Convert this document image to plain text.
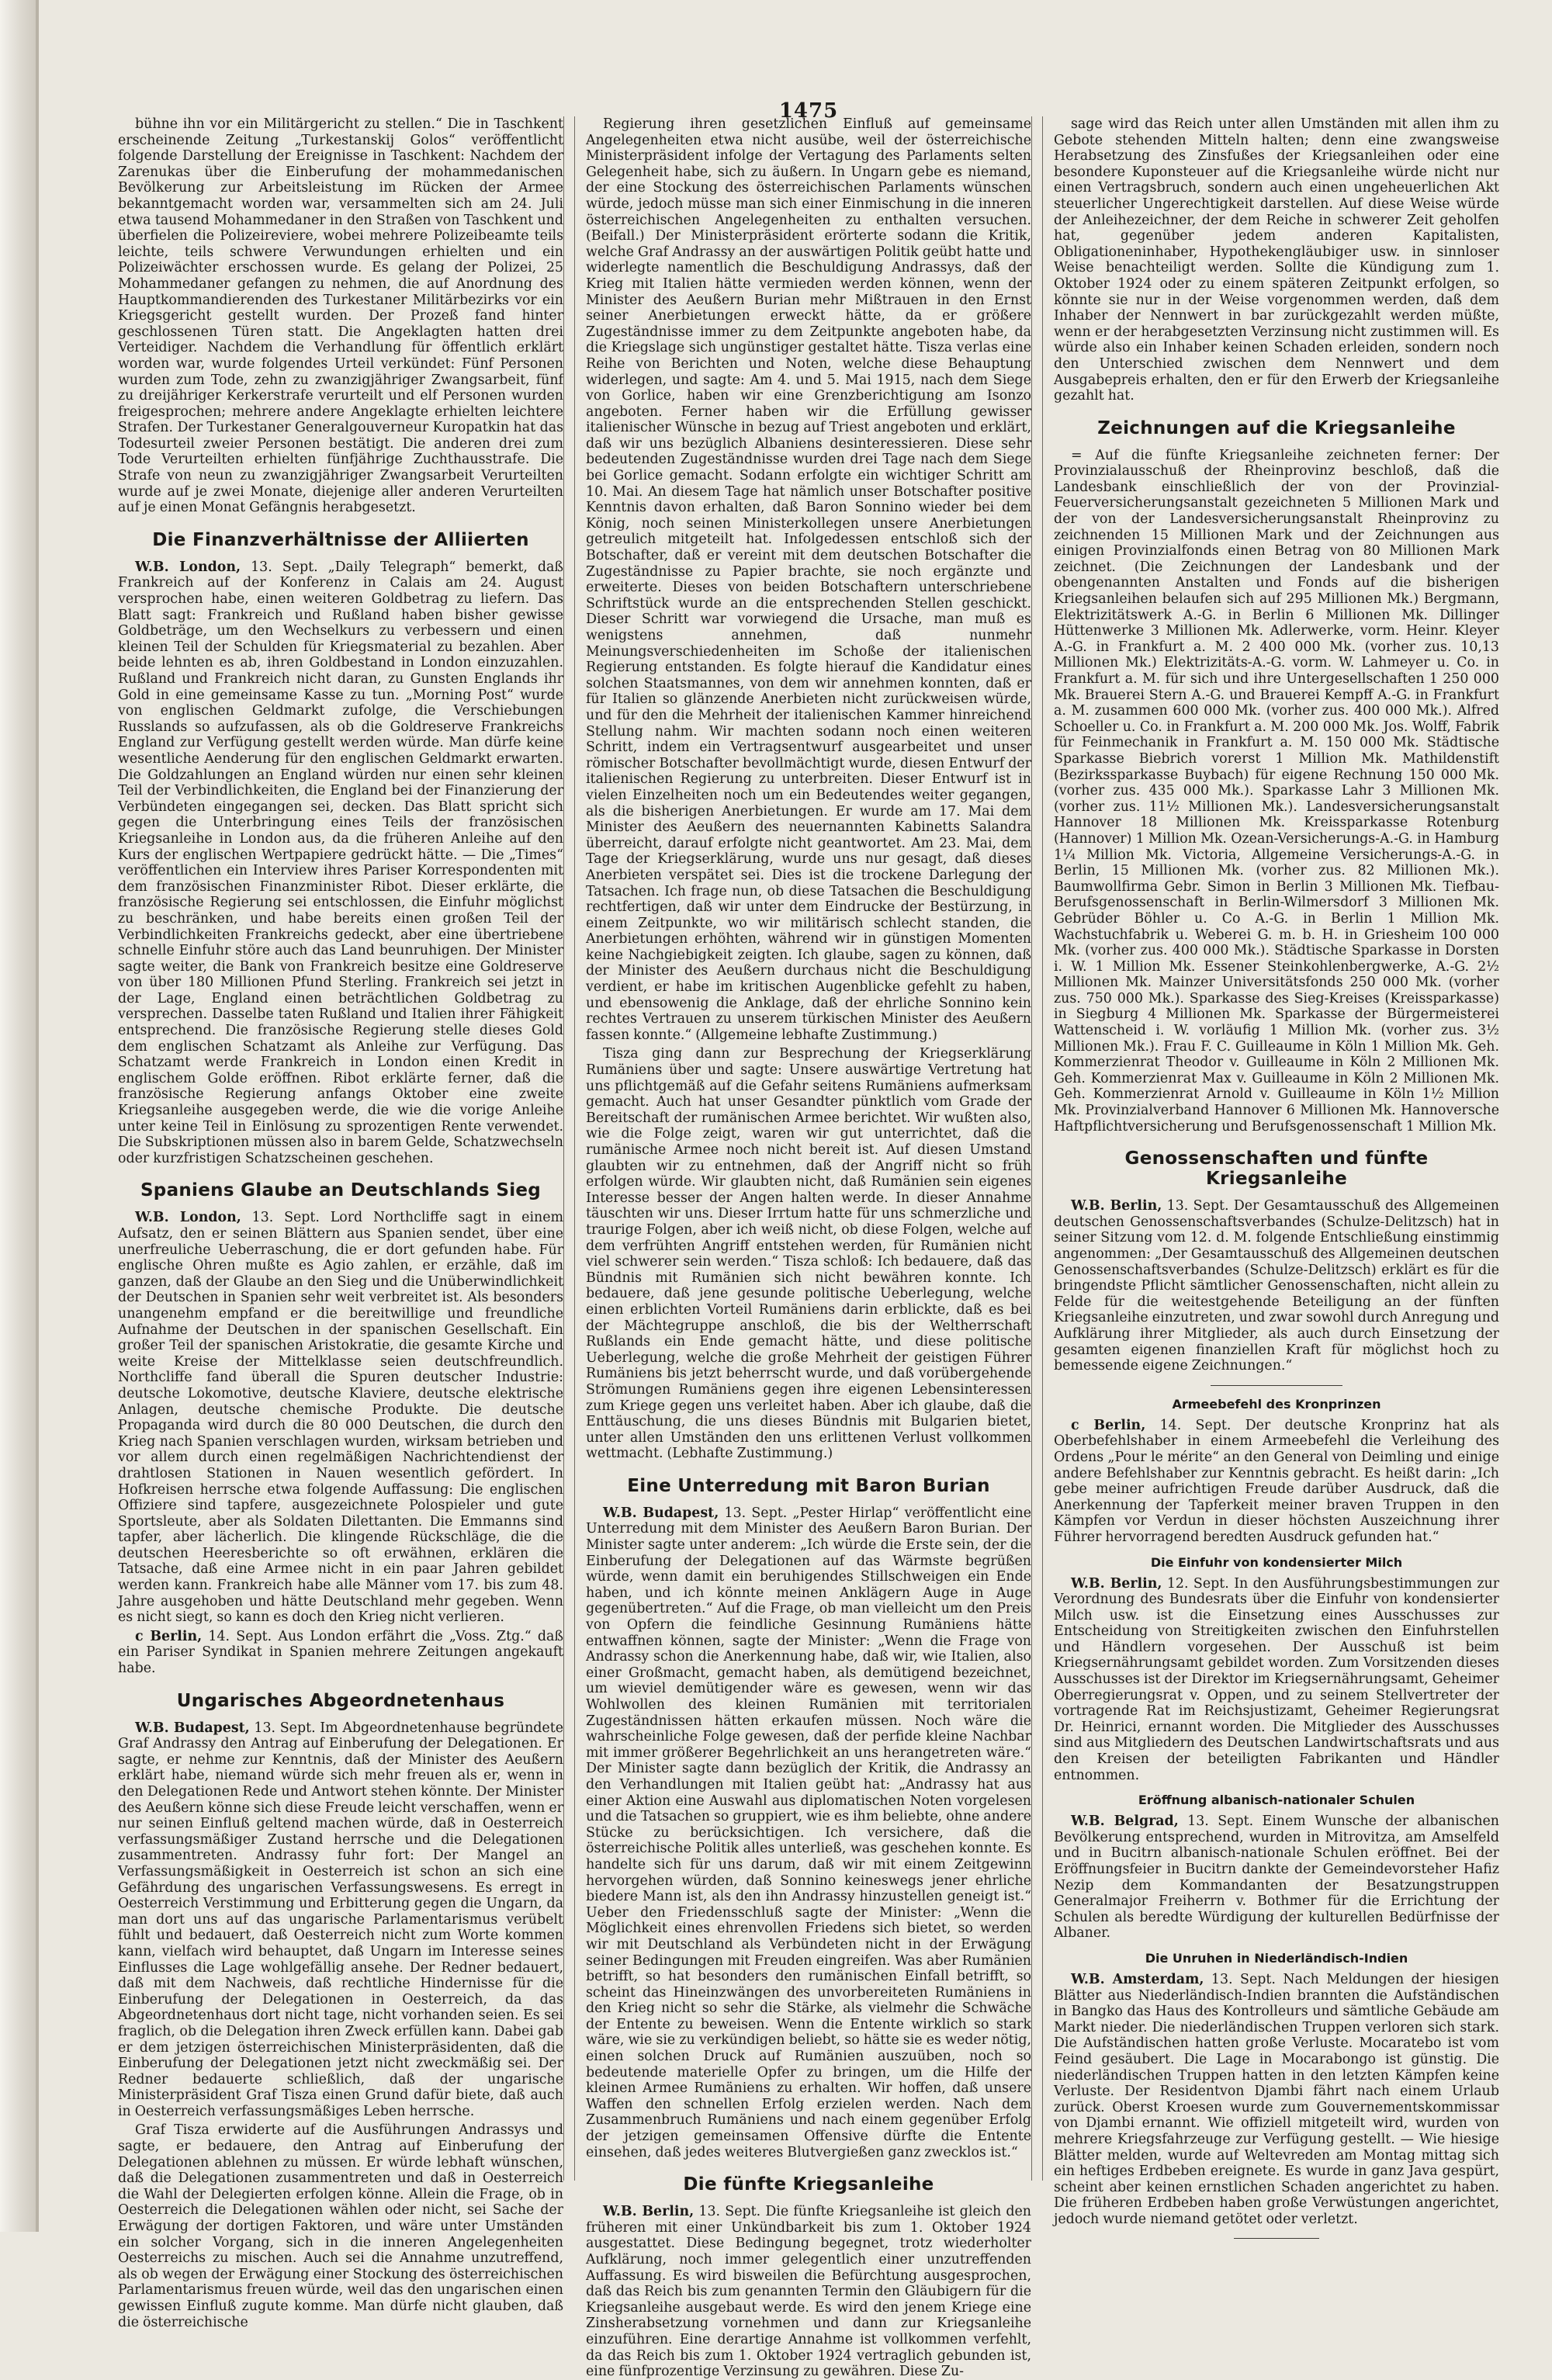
1475

bühne ihn vor ein Militärgericht zu stellen.“ Die in Taschkent erscheinende Zeitung „Turkestanskij Golos“ veröffentlicht folgende Darstellung der Ereignisse in Taschkent: Nachdem der Zarenukas über die Einberufung der mohammedanischen Bevölkerung zur Arbeitsleistung im Rücken der Armee bekanntgemacht worden war, versammelten sich am 24. Juli etwa tausend Mohammedaner in den Straßen von Taschkent und überfielen die Polizeireviere, wobei mehrere Polizeibeamte teils leichte, teils schwere Verwundungen erhielten und ein Polizeiwächter erschossen wurde. Es gelang der Polizei, 25 Mohammedaner gefangen zu nehmen, die auf Anordnung des Hauptkommandierenden des Turkestaner Militärbezirks vor ein Kriegsgericht gestellt wurden. Der Prozeß fand hinter geschlossenen Türen statt. Die Angeklagten hatten drei Verteidiger. Nachdem die Verhandlung für öffentlich erklärt worden war, wurde folgendes Urteil verkündet: Fünf Personen wurden zum Tode, zehn zu zwanzigjähriger Zwangsarbeit, fünf zu dreijähriger Kerkerstrafe verurteilt und elf Personen wurden freigesprochen; mehrere andere Angeklagte erhielten leichtere Strafen. Der Turkestaner Generalgouverneur Kuropatkin hat das Todesurteil zweier Personen bestätigt. Die anderen drei zum Tode Verurteilten erhielten fünfjährige Zuchthausstrafe. Die Strafe von neun zu zwanzigjähriger Zwangsarbeit Verurteilten wurde auf je zwei Monate, diejenige aller anderen Verurteilten auf je einen Monat Gefängnis herabgesetzt.

Die Finanzverhältnisse der Alliierten

W.B. London, 13. Sept. „Daily Telegraph“ bemerkt, daß Frankreich auf der Konferenz in Calais am 24. August versprochen habe, einen weiteren Goldbetrag zu liefern. Das Blatt sagt: Frankreich und Rußland haben bisher gewisse Goldbeträge, um den Wechselkurs zu verbessern und einen kleinen Teil der Schulden für Kriegsmaterial zu bezahlen. Aber beide lehnten es ab, ihren Goldbestand in London einzuzahlen. Rußland und Frankreich nicht daran, zu Gunsten Englands ihr Gold in eine gemeinsame Kasse zu tun. „Morning Post“ wurde von englischen Geldmarkt zufolge, die Verschiebungen Russlands so aufzufassen, als ob die Goldreserve Frankreichs England zur Verfügung gestellt werden würde. Man dürfe keine wesentliche Aenderung für den englischen Geldmarkt erwarten. Die Goldzahlungen an England würden nur einen sehr kleinen Teil der Verbindlichkeiten, die England bei der Finanzierung der Verbündeten eingegangen sei, decken. Das Blatt spricht sich gegen die Unterbringung eines Teils der französischen Kriegsanleihe in London aus, da die früheren Anleihe auf den Kurs der englischen Wertpapiere gedrückt hätte. — Die „Times“ veröffentlichen ein Interview ihres Pariser Korrespondenten mit dem französischen Finanzminister Ribot. Dieser erklärte, die französische Regierung sei entschlossen, die Einfuhr möglichst zu beschränken, und habe bereits einen großen Teil der Verbindlichkeiten Frankreichs gedeckt, aber eine übertriebene schnelle Einfuhr störe auch das Land beunruhigen. Der Minister sagte weiter, die Bank von Frankreich besitze eine Goldreserve von über 180 Millionen Pfund Sterling. Frankreich sei jetzt in der Lage, England einen beträchtlichen Goldbetrag zu versprechen. Dasselbe taten Rußland und Italien ihrer Fähigkeit entsprechend. Die französische Regierung stelle dieses Gold dem englischen Schatzamt als Anleihe zur Verfügung. Das Schatzamt werde Frankreich in London einen Kredit in englischem Golde eröffnen. Ribot erklärte ferner, daß die französische Regierung anfangs Oktober eine zweite Kriegsanleihe ausgegeben werde, die wie die vorige Anleihe unter keine Teil in Einlösung zu sprozentigen Rente verwendet. Die Subskriptionen müssen also in barem Gelde, Schatzwechseln oder kurzfristigen Schatzscheinen geschehen.

Spaniens Glaube an Deutschlands Sieg

W.B. London, 13. Sept. Lord Northcliffe sagt in einem Aufsatz, den er seinen Blättern aus Spanien sendet, über eine unerfreuliche Ueberraschung, die er dort gefunden habe. Für englische Ohren mußte es Agio zahlen, er erzähle, daß im ganzen, daß der Glaube an den Sieg und die Unüberwindlichkeit der Deutschen in Spanien sehr weit verbreitet ist. Als besonders unangenehm empfand er die bereitwillige und freundliche Aufnahme der Deutschen in der spanischen Gesellschaft. Ein großer Teil der spanischen Aristokratie, die gesamte Kirche und weite Kreise der Mittelklasse seien deutschfreundlich. Northcliffe fand überall die Spuren deutscher Industrie: deutsche Lokomotive, deutsche Klaviere, deutsche elektrische Anlagen, deutsche chemische Produkte. Die deutsche Propaganda wird durch die 80 000 Deutschen, die durch den Krieg nach Spanien verschlagen wurden, wirksam betrieben und vor allem durch einen regelmäßigen Nachrichtendienst der drahtlosen Stationen in Nauen wesentlich gefördert. In Hofkreisen herrsche etwa folgende Auffassung: Die englischen Offiziere sind tapfere, ausgezeichnete Polospieler und gute Sportsleute, aber als Soldaten Dilettanten. Die Emmanns sind tapfer, aber lächerlich. Die klingende Rückschläge, die die deutschen Heeresberichte so oft erwähnen, erklären die Tatsache, daß eine Armee nicht in ein paar Jahren gebildet werden kann. Frankreich habe alle Männer vom 17. bis zum 48. Jahre ausgehoben und hätte Deutschland mehr gegeben. Wenn es nicht siegt, so kann es doch den Krieg nicht verlieren.

c Berlin, 14. Sept. Aus London erfährt die „Voss. Ztg.“ daß ein Pariser Syndikat in Spanien mehrere Zeitungen angekauft habe.

Ungarisches Abgeordnetenhaus

W.B. Budapest, 13. Sept. Im Abgeordnetenhause begründete Graf Andrassy den Antrag auf Einberufung der Delegationen. Er sagte, er nehme zur Kenntnis, daß der Minister des Aeußern erklärt habe, niemand würde sich mehr freuen als er, wenn in den Delegationen Rede und Antwort stehen könnte. Der Minister des Aeußern könne sich diese Freude leicht verschaffen, wenn er nur seinen Einfluß geltend machen würde, daß in Oesterreich verfassungsmäßiger Zustand herrsche und die Delegationen zusammentreten. Andrassy fuhr fort: Der Mangel an Verfassungsmäßigkeit in Oesterreich ist schon an sich eine Gefährdung des ungarischen Verfassungswesens. Es erregt in Oesterreich Verstimmung und Erbitterung gegen die Ungarn, da man dort uns auf das ungarische Parlamentarismus verübelt fühlt und bedauert, daß Oesterreich nicht zum Worte kommen kann, vielfach wird behauptet, daß Ungarn im Interesse seines Einflusses die Lage wohlgefällig ansehe. Der Redner bedauert, daß mit dem Nachweis, daß rechtliche Hindernisse für die Einberufung der Delegationen in Oesterreich, da das Abgeordnetenhaus dort nicht tage, nicht vorhanden seien. Es sei fraglich, ob die Delegation ihren Zweck erfüllen kann. Dabei gab er dem jetzigen österreichischen Ministerpräsidenten, daß die Einberufung der Delegationen jetzt nicht zweckmäßig sei. Der Redner bedauerte schließlich, daß der ungarische Ministerpräsident Graf Tisza einen Grund dafür biete, daß auch in Oesterreich verfassungsmäßiges Leben herrsche.

Graf Tisza erwiderte auf die Ausführungen Andrassys und sagte, er bedauere, den Antrag auf Einberufung der Delegationen ablehnen zu müssen. Er würde lebhaft wünschen, daß die Delegationen zusammentreten und daß in Oesterreich die Wahl der Delegierten erfolgen könne. Allein die Frage, ob in Oesterreich die Delegationen wählen oder nicht, sei Sache der Erwägung der dortigen Faktoren, und wäre unter Umständen ein solcher Vorgang, sich in die inneren Angelegenheiten Oesterreichs zu mischen. Auch sei die Annahme unzutreffend, als ob wegen der Erwägung einer Stockung des österreichischen Parlamentarismus freuen würde, weil das den ungarischen einen gewissen Einfluß zugute komme. Man dürfe nicht glauben, daß die österreichische

Regierung ihren gesetzlichen Einfluß auf gemeinsame Angelegenheiten etwa nicht ausübe, weil der österreichische Ministerpräsident infolge der Vertagung des Parlaments selten Gelegenheit habe, sich zu äußern. In Ungarn gebe es niemand, der eine Stockung des österreichischen Parlaments wünschen würde, jedoch müsse man sich einer Einmischung in die inneren österreichischen Angelegenheiten zu enthalten versuchen. (Beifall.) Der Ministerpräsident erörterte sodann die Kritik, welche Graf Andrassy an der auswärtigen Politik geübt hatte und widerlegte namentlich die Beschuldigung Andrassys, daß der Krieg mit Italien hätte vermieden werden können, wenn der Minister des Aeußern Burian mehr Mißtrauen in den Ernst seiner Anerbietungen erweckt hätte, da er größere Zugeständnisse immer zu dem Zeitpunkte angeboten habe, da die Kriegslage sich ungünstiger gestaltet hätte. Tisza verlas eine Reihe von Berichten und Noten, welche diese Behauptung widerlegen, und sagte: Am 4. und 5. Mai 1915, nach dem Siege von Gorlice, haben wir eine Grenzberichtigung am Isonzo angeboten. Ferner haben wir die Erfüllung gewisser italienischer Wünsche in bezug auf Triest angeboten und erklärt, daß wir uns bezüglich Albaniens desinteressieren. Diese sehr bedeutenden Zugeständnisse wurden drei Tage nach dem Siege bei Gorlice gemacht. Sodann erfolgte ein wichtiger Schritt am 10. Mai. An diesem Tage hat nämlich unser Botschafter positive Kenntnis davon erhalten, daß Baron Sonnino wieder bei dem König, noch seinen Ministerkollegen unsere Anerbietungen getreulich mitgeteilt hat. Infolgedessen entschloß sich der Botschafter, daß er vereint mit dem deutschen Botschafter die Zugeständnisse zu Papier brachte, sie noch ergänzte und erweiterte. Dieses von beiden Botschaftern unterschriebene Schriftstück wurde an die entsprechenden Stellen geschickt. Dieser Schritt war vorwiegend die Ursache, man muß es wenigstens annehmen, daß nunmehr Meinungsverschiedenheiten im Schoße der italienischen Regierung entstanden. Es folgte hierauf die Kandidatur eines solchen Staatsmannes, von dem wir annehmen konnten, daß er für Italien so glänzende Anerbieten nicht zurückweisen würde, und für den die Mehrheit der italienischen Kammer hinreichend Stellung nahm. Wir machten sodann noch einen weiteren Schritt, indem ein Vertragsentwurf ausgearbeitet und unser römischer Botschafter bevollmächtigt wurde, diesen Entwurf der italienischen Regierung zu unterbreiten. Dieser Entwurf ist in vielen Einzelheiten noch um ein Bedeutendes weiter gegangen, als die bisherigen Anerbietungen. Er wurde am 17. Mai dem Minister des Aeußern des neuernannten Kabinetts Salandra überreicht, darauf erfolgte nicht geantwortet. Am 23. Mai, dem Tage der Kriegserklärung, wurde uns nur gesagt, daß dieses Anerbieten verspätet sei. Dies ist die trockene Darlegung der Tatsachen. Ich frage nun, ob diese Tatsachen die Beschuldigung rechtfertigen, daß wir unter dem Eindrucke der Bestürzung, in einem Zeitpunkte, wo wir militärisch schlecht standen, die Anerbietungen erhöhten, während wir in günstigen Momenten keine Nachgiebigkeit zeigten. Ich glaube, sagen zu können, daß der Minister des Aeußern durchaus nicht die Beschuldigung verdient, er habe im kritischen Augenblicke gefehlt zu haben, und ebensowenig die Anklage, daß der ehrliche Sonnino kein rechtes Vertrauen zu unserem türkischen Minister des Aeußern fassen konnte.“ (Allgemeine lebhafte Zustimmung.)

Tisza ging dann zur Besprechung der Kriegserklärung Rumäniens über und sagte: Unsere auswärtige Vertretung hat uns pflichtgemäß auf die Gefahr seitens Rumäniens aufmerksam gemacht. Auch hat unser Gesandter pünktlich vom Grade der Bereitschaft der rumänischen Armee berichtet. Wir wußten also, wie die Folge zeigt, waren wir gut unterrichtet, daß die rumänische Armee noch nicht bereit ist. Auf diesen Umstand glaubten wir zu entnehmen, daß der Angriff nicht so früh erfolgen würde. Wir glaubten nicht, daß Rumänien sein eigenes Interesse besser der Angen halten werde. In dieser Annahme täuschten wir uns. Dieser Irrtum hatte für uns schmerzliche und traurige Folgen, aber ich weiß nicht, ob diese Folgen, welche auf dem verfrühten Angriff entstehen werden, für Rumänien nicht viel schwerer sein werden.“ Tisza schloß: Ich bedauere, daß das Bündnis mit Rumänien sich nicht bewähren konnte. Ich bedauere, daß jene gesunde politische Ueberlegung, welche einen erblichten Vorteil Rumäniens darin erblickte, daß es bei der Mächtegruppe anschloß, die bis der Weltherrschaft Rußlands ein Ende gemacht hätte, und diese politische Ueberlegung, welche die große Mehrheit der geistigen Führer Rumäniens bis jetzt beherrscht wurde, und daß vorübergehende Strömungen Rumäniens gegen ihre eigenen Lebensinteressen zum Kriege gegen uns verleitet haben. Aber ich glaube, daß die Enttäuschung, die uns dieses Bündnis mit Bulgarien bietet, unter allen Umständen den uns erlittenen Verlust vollkommen wettmacht. (Lebhafte Zustimmung.)

Eine Unterredung mit Baron Burian

W.B. Budapest, 13. Sept. „Pester Hirlap“ veröffentlicht eine Unterredung mit dem Minister des Aeußern Baron Burian. Der Minister sagte unter anderem: „Ich würde die Erste sein, der die Einberufung der Delegationen auf das Wärmste begrüßen würde, wenn damit ein beruhigendes Stillschweigen ein Ende haben, und ich könnte meinen Anklägern Auge in Auge gegenübertreten.“ Auf die Frage, ob man vielleicht um den Preis von Opfern die feindliche Gesinnung Rumäniens hätte entwaffnen können, sagte der Minister: „Wenn die Frage von Andrassy schon die Anerkennung habe, daß wir, wie Italien, also einer Großmacht, gemacht haben, als demütigend bezeichnet, um wieviel demütigender wäre es gewesen, wenn wir das Wohlwollen des kleinen Rumänien mit territorialen Zugeständnissen hätten erkaufen müssen. Noch wäre die wahrscheinliche Folge gewesen, daß der perfide kleine Nachbar mit immer größerer Begehrlichkeit an uns herangetreten wäre.“ Der Minister sagte dann bezüglich der Kritik, die Andrassy an den Verhandlungen mit Italien geübt hat: „Andrassy hat aus einer Aktion eine Auswahl aus diplomatischen Noten vorgelesen und die Tatsachen so gruppiert, wie es ihm beliebte, ohne andere Stücke zu berücksichtigen. Ich versichere, daß die österreichische Politik alles unterließ, was geschehen konnte. Es handelte sich für uns darum, daß wir mit einem Zeitgewinn hervorgehen würden, daß Sonnino keineswegs jener ehrliche biedere Mann ist, als den ihn Andrassy hinzustellen geneigt ist.“ Ueber den Friedensschluß sagte der Minister: „Wenn die Möglichkeit eines ehrenvollen Friedens sich bietet, so werden wir mit Deutschland als Verbündeten nicht in der Erwägung seiner Bedingungen mit Freuden eingreifen. Was aber Rumänien betrifft, so hat besonders den rumänischen Einfall betrifft, so scheint das Hineinzwängen des unvorbereiteten Rumäniens in den Krieg nicht so sehr die Stärke, als vielmehr die Schwäche der Entente zu beweisen. Wenn die Entente wirklich so stark wäre, wie sie zu verkündigen beliebt, so hätte sie es weder nötig, einen solchen Druck auf Rumänien auszuüben, noch so bedeutende materielle Opfer zu bringen, um die Hilfe der kleinen Armee Rumäniens zu erhalten. Wir hoffen, daß unsere Waffen den schnellen Erfolg erzielen werden. Nach dem Zusammenbruch Rumäniens und nach einem gegenüber Erfolg der jetzigen gemeinsamen Offensive dürfte die Entente einsehen, daß jedes weiteres Blutvergießen ganz zwecklos ist.“

Die fünfte Kriegsanleihe

W.B. Berlin, 13. Sept. Die fünfte Kriegsanleihe ist gleich den früheren mit einer Unkündbarkeit bis zum 1. Oktober 1924 ausgestattet. Diese Bedingung begegnet, trotz wiederholter Aufklärung, noch immer gelegentlich einer unzutreffenden Auffassung. Es wird bisweilen die Befürchtung ausgesprochen, daß das Reich bis zum genannten Termin den Gläubigern für die Kriegsanleihe ausgebaut werde. Es wird den jenem Kriege eine Zinsherabsetzung vornehmen und dann zur Kriegsanleihe einzuführen. Eine derartige Annahme ist vollkommen verfehlt, da das Reich bis zum 1. Oktober 1924 vertraglich gebunden ist, eine fünfprozentige Verzinsung zu gewähren. Diese Zu-

sage wird das Reich unter allen Umständen mit allen ihm zu Gebote stehenden Mitteln halten; denn eine zwangsweise Herabsetzung des Zinsfußes der Kriegsanleihen oder eine besondere Kuponsteuer auf die Kriegsanleihe würde nicht nur einen Vertragsbruch, sondern auch einen ungeheuerlichen Akt steuerlicher Ungerechtigkeit darstellen. Auf diese Weise würde der Anleihezeichner, der dem Reiche in schwerer Zeit geholfen hat, gegenüber jedem anderen Kapitalisten, Obligationeninhaber, Hypothekengläubiger usw. in sinnloser Weise benachteiligt werden. Sollte die Kündigung zum 1. Oktober 1924 oder zu einem späteren Zeitpunkt erfolgen, so könnte sie nur in der Weise vorgenommen werden, daß dem Inhaber der Nennwert in bar zurückgezahlt werden müßte, wenn er der herabgesetzten Verzinsung nicht zustimmen will. Es würde also ein Inhaber keinen Schaden erleiden, sondern noch den Unterschied zwischen dem Nennwert und dem Ausgabepreis erhalten, den er für den Erwerb der Kriegsanleihe gezahlt hat.

Zeichnungen auf die Kriegsanleihe

= Auf die fünfte Kriegsanleihe zeichneten ferner: Der Provinzialausschuß der Rheinprovinz beschloß, daß die Landesbank einschließlich der von der Provinzial-Feuerversicherungsanstalt gezeichneten 5 Millionen Mark und der von der Landesversicherungsanstalt Rheinprovinz zu zeichnenden 15 Millionen Mark und der Zeichnungen aus einigen Provinzialfonds einen Betrag von 80 Millionen Mark zeichnet. (Die Zeichnungen der Landesbank und der obengenannten Anstalten und Fonds auf die bisherigen Kriegsanleihen belaufen sich auf 295 Millionen Mk.) Bergmann, Elektrizitätswerk A.-G. in Berlin 6 Millionen Mk. Dillinger Hüttenwerke 3 Millionen Mk. Adlerwerke, vorm. Heinr. Kleyer A.-G. in Frankfurt a. M. 2 400 000 Mk. (vorher zus. 10,13 Millionen Mk.) Elektrizitäts-A.-G. vorm. W. Lahmeyer u. Co. in Frankfurt a. M. für sich und ihre Untergesellschaften 1 250 000 Mk. Brauerei Stern A.-G. und Brauerei Kempff A.-G. in Frankfurt a. M. zusammen 600 000 Mk. (vorher zus. 400 000 Mk.). Alfred Schoeller u. Co. in Frankfurt a. M. 200 000 Mk. Jos. Wolff, Fabrik für Feinmechanik in Frankfurt a. M. 150 000 Mk. Städtische Sparkasse Biebrich vorerst 1 Million Mk. Mathildenstift (Bezirkssparkasse Buybach) für eigene Rechnung 150 000 Mk. (vorher zus. 435 000 Mk.). Sparkasse Lahr 3 Millionen Mk. (vorher zus. 11½ Millionen Mk.). Landesversicherungsanstalt Hannover 18 Millionen Mk. Kreissparkasse Rotenburg (Hannover) 1 Million Mk. Ozean-Versicherungs-A.-G. in Hamburg 1¼ Million Mk. Victoria, Allgemeine Versicherungs-A.-G. in Berlin, 15 Millionen Mk. (vorher zus. 82 Millionen Mk.). Baumwollfirma Gebr. Simon in Berlin 3 Millionen Mk. Tiefbau-Berufsgenossenschaft in Berlin-Wilmersdorf 3 Millionen Mk. Gebrüder Böhler u. Co A.-G. in Berlin 1 Million Mk. Wachstuchfabrik u. Weberei G. m. b. H. in Griesheim 100 000 Mk. (vorher zus. 400 000 Mk.). Städtische Sparkasse in Dorsten i. W. 1 Million Mk. Essener Steinkohlenbergwerke, A.-G. 2½ Millionen Mk. Mainzer Universitätsfonds 250 000 Mk. (vorher zus. 750 000 Mk.). Sparkasse des Sieg-Kreises (Kreissparkasse) in Siegburg 4 Millionen Mk. Sparkasse der Bürgermeisterei Wattenscheid i. W. vorläufig 1 Million Mk. (vorher zus. 3½ Millionen Mk.). Frau F. C. Guilleaume in Köln 1 Million Mk. Geh. Kommerzienrat Theodor v. Guilleaume in Köln 2 Millionen Mk. Geh. Kommerzienrat Max v. Guilleaume in Köln 2 Millionen Mk. Geh. Kommerzienrat Arnold v. Guilleaume in Köln 1½ Million Mk. Provinzialverband Hannover 6 Millionen Mk. Hannoversche Haftpflichtversicherung und Berufsgenossenschaft 1 Million Mk.

Genossenschaften und fünfte Kriegsanleihe

W.B. Berlin, 13. Sept. Der Gesamtausschuß des Allgemeinen deutschen Genossenschaftsverbandes (Schulze-Delitzsch) hat in seiner Sitzung vom 12. d. M. folgende Entschließung einstimmig angenommen: „Der Gesamtausschuß des Allgemeinen deutschen Genossenschaftsverbandes (Schulze-Delitzsch) erklärt es für die bringendste Pflicht sämtlicher Genossenschaften, nicht allein zu Felde für die weitestgehende Beteiligung an der fünften Kriegsanleihe einzutreten, und zwar sowohl durch Anregung und Aufklärung ihrer Mitglieder, als auch durch Einsetzung der gesamten eigenen finanziellen Kraft für möglichst hoch zu bemessende eigene Zeichnungen.“

Armeebefehl des Kronprinzen

c Berlin, 14. Sept. Der deutsche Kronprinz hat als Oberbefehlshaber in einem Armeebefehl die Verleihung des Ordens „Pour le mérite“ an den General von Deimling und einige andere Befehlshaber zur Kenntnis gebracht. Es heißt darin: „Ich gebe meiner aufrichtigen Freude darüber Ausdruck, daß die Anerkennung der Tapferkeit meiner braven Truppen in den Kämpfen vor Verdun in dieser höchsten Auszeichnung ihrer Führer hervorragend beredten Ausdruck gefunden hat.“

Die Einfuhr von kondensierter Milch

W.B. Berlin, 12. Sept. In den Ausführungsbestimmungen zur Verordnung des Bundesrats über die Einfuhr von kondensierter Milch usw. ist die Einsetzung eines Ausschusses zur Entscheidung von Streitigkeiten zwischen den Einfuhrstellen und Händlern vorgesehen. Der Ausschuß ist beim Kriegsernährungsamt gebildet worden. Zum Vorsitzenden dieses Ausschusses ist der Direktor im Kriegsernährungsamt, Geheimer Oberregierungsrat v. Oppen, und zu seinem Stellvertreter der vortragende Rat im Reichsjustizamt, Geheimer Regierungsrat Dr. Heinrici, ernannt worden. Die Mitglieder des Ausschusses sind aus Mitgliedern des Deutschen Landwirtschaftsrats und aus den Kreisen der beteiligten Fabrikanten und Händler entnommen.

Eröffnung albanisch-nationaler Schulen

W.B. Belgrad, 13. Sept. Einem Wunsche der albanischen Bevölkerung entsprechend, wurden in Mitrovitza, am Amselfeld und in Bucitrn albanisch-nationale Schulen eröffnet. Bei der Eröffnungsfeier in Bucitrn dankte der Gemeindevorsteher Hafiz Nezip dem Kommandanten der Besatzungstruppen Generalmajor Freiherrn v. Bothmer für die Errichtung der Schulen als beredte Würdigung der kulturellen Bedürfnisse der Albaner.

Die Unruhen in Niederländisch-Indien

W.B. Amsterdam, 13. Sept. Nach Meldungen der hiesigen Blätter aus Niederländisch-Indien brannten die Aufständischen in Bangko das Haus des Kontrolleurs und sämtliche Gebäude am Markt nieder. Die niederländischen Truppen verloren sich stark. Die Aufständischen hatten große Verluste. Mocaratebo ist vom Feind gesäubert. Die Lage in Mocarabongo ist günstig. Die niederländischen Truppen hatten in den letzten Kämpfen keine Verluste. Der Residentvon Djambi fährt nach einem Urlaub zurück. Oberst Kroesen wurde zum Gouvernementskommissar von Djambi ernannt. Wie offiziell mitgeteilt wird, wurden von mehrere Kriegsfahrzeuge zur Verfügung gestellt. — Wie hiesige Blätter melden, wurde auf Weltevreden am Montag mittag sich ein heftiges Erdbeben ereignete. Es wurde in ganz Java gespürt, scheint aber keinen ernstlichen Schaden angerichtet zu haben. Die früheren Erdbeben haben große Verwüstungen angerichtet, jedoch wurde niemand getötet oder verletzt.
